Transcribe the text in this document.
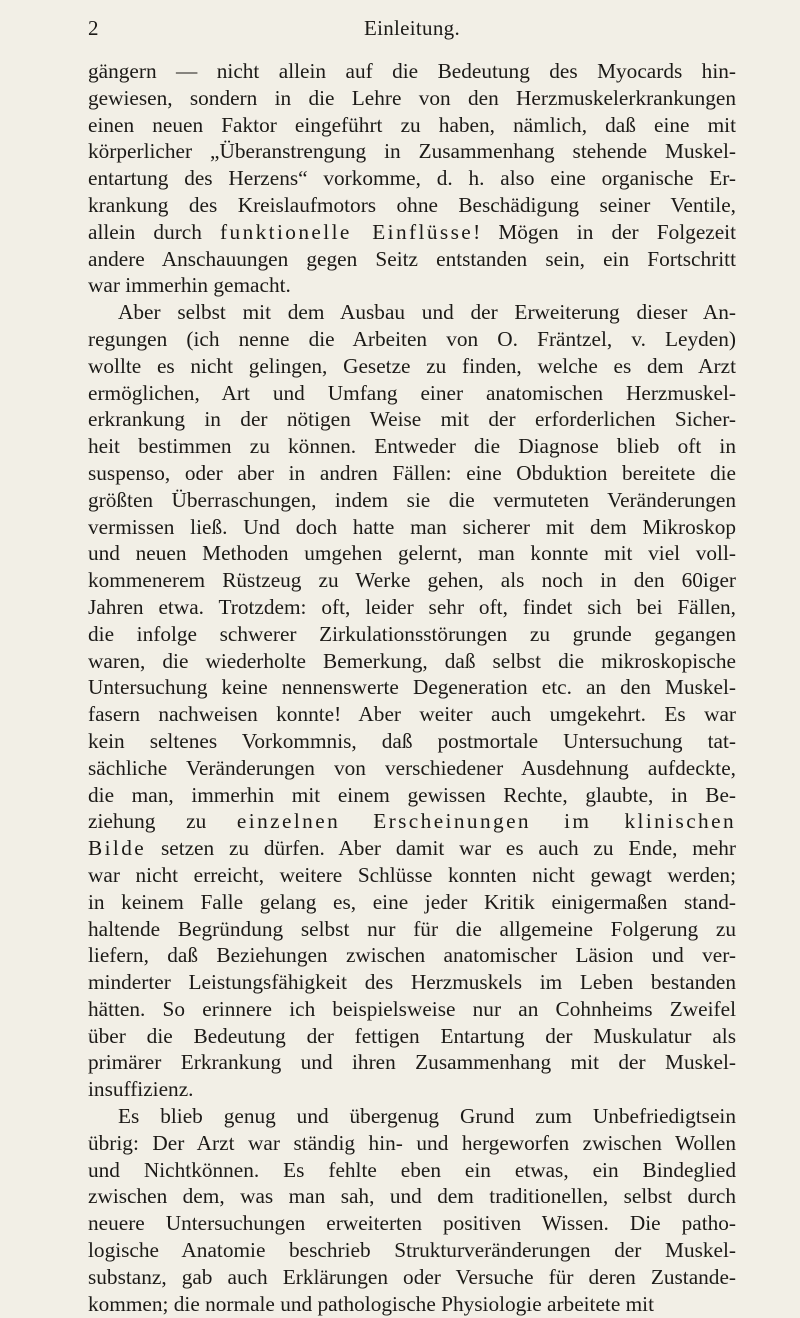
2	Einleitung.
gängern — nicht allein auf die Bedeutung des Myocards hin-
gewiesen, sondern in die Lehre von den Herzmuskelerkrankungen
einen neuen Faktor eingeführt zu haben, nämlich, daß eine mit
körperlicher „Überanstrengung in Zusammenhang stehende Muskel-
entartung des Herzens“ vorkomme, d. h. also eine organische Er-
krankung des Kreislaufmotors ohne Beschädigung seiner Ventile,
allein durch funktionelle Einflüsse! Mögen in der Folgezeit
andere Anschauungen gegen Seitz entstanden sein, ein Fortschritt
war immerhin gemacht.
Aber selbst mit dem Ausbau und der Erweiterung dieser An-
regungen (ich nenne die Arbeiten von O. Fräntzel, v. Leyden)
wollte es nicht gelingen, Gesetze zu finden, welche es dem Arzt
ermöglichen, Art und Umfang einer anatomischen Herzmuskel-
erkrankung in der nötigen Weise mit der erforderlichen Sicher-
heit bestimmen zu können. Entweder die Diagnose blieb oft in
suspenso, oder aber in andren Fällen: eine Obduktion bereitete die
größten Überraschungen, indem sie die vermuteten Veränderungen
vermissen ließ. Und doch hatte man sicherer mit dem Mikroskop
und neuen Methoden umgehen gelernt, man konnte mit viel voll-
kommenerem Rüstzeug zu Werke gehen, als noch in den 60iger
Jahren etwa. Trotzdem: oft, leider sehr oft, findet sich bei Fällen,
die infolge schwerer Zirkulationsstörungen zu grunde gegangen
waren, die wiederholte Bemerkung, daß selbst die mikroskopische
Untersuchung keine nennenswerte Degeneration etc. an den Muskel-
fasern nachweisen konnte! Aber weiter auch umgekehrt. Es war
kein seltenes Vorkommnis, daß postmortale Untersuchung tat-
sächliche Veränderungen von verschiedener Ausdehnung aufdeckte,
die man, immerhin mit einem gewissen Rechte, glaubte, in Be-
ziehung zu einzelnen Erscheinungen im klinischen
Bilde setzen zu dürfen. Aber damit war es auch zu Ende, mehr
war nicht erreicht, weitere Schlüsse konnten nicht gewagt werden;
in keinem Falle gelang es, eine jeder Kritik einigermaßen stand-
haltende Begründung selbst nur für die allgemeine Folgerung zu
liefern, daß Beziehungen zwischen anatomischer Läsion und ver-
minderter Leistungsfähigkeit des Herzmuskels im Leben bestanden
hätten. So erinnere ich beispielsweise nur an Cohnheims Zweifel
über die Bedeutung der fettigen Entartung der Muskulatur als
primärer Erkrankung und ihren Zusammenhang mit der Muskel-
insuffizienz.
Es blieb genug und übergenug Grund zum Unbefriedigtsein
übrig: Der Arzt war ständig hin- und hergeworfen zwischen Wollen
und Nichtkönnen. Es fehlte eben ein etwas, ein Bindeglied
zwischen dem, was man sah, und dem traditionellen, selbst durch
neuere Untersuchungen erweiterten positiven Wissen. Die patho-
logische Anatomie beschrieb Strukturveränderungen der Muskel-
substanz, gab auch Erklärungen oder Versuche für deren Zustande-
kommen; die normale und pathologische Physiologie arbeitete mit
